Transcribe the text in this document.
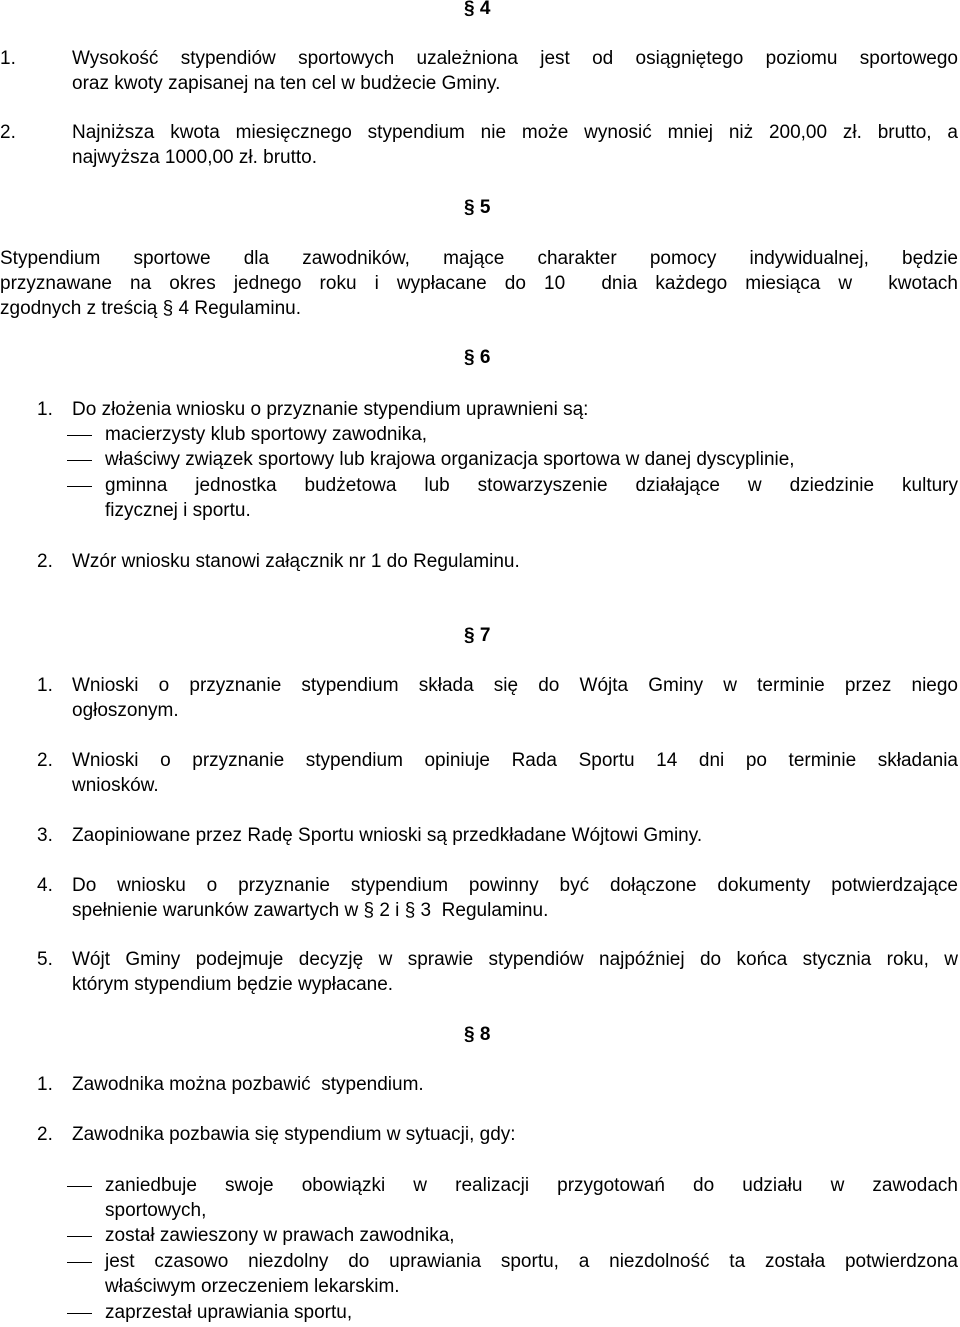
§ 4
1.	Wysokość stypendiów sportowych uzależniona jest od osiągniętego poziomu sportowego
oraz kwoty zapisanej na ten cel w budżecie Gminy.
2.	Najniższa kwota miesięcznego stypendium nie może wynosić mniej niż 200,00 zł. brutto, a
najwyższa 1000,00 zł. brutto.
§ 5
Stypendium sportowe dla zawodników, mające charakter pomocy indywidualnej, będzie
przyznawane na okres jednego roku i wypłacane do 10  dnia każdego miesiąca w  kwotach
zgodnych z treścią § 4 Regulaminu.
§ 6
1. Do złożenia wniosku o przyznanie stypendium uprawnieni są:
macierzysty klub sportowy zawodnika,
właściwy związek sportowy lub krajowa organizacja sportowa w danej dyscyplinie,
gminna jednostka budżetowa lub stowarzyszenie działające w dziedzinie kultury
fizycznej i sportu.
2. Wzór wniosku stanowi załącznik nr 1 do Regulaminu.
§ 7
1. Wnioski o przyznanie stypendium składa się do Wójta Gminy w terminie przez niego
ogłoszonym.
2. Wnioski o przyznanie stypendium opiniuje Rada Sportu 14 dni po terminie składania
wniosków.
3. Zaopiniowane przez Radę Sportu wnioski są przedkładane Wójtowi Gminy.
4. Do wniosku o przyznanie stypendium powinny być dołączone dokumenty potwierdzające
spełnienie warunków zawartych w § 2 i § 3  Regulaminu.
5. Wójt Gminy podejmuje decyzję w sprawie stypendiów najpóźniej do końca stycznia roku, w
którym stypendium będzie wypłacane.
§ 8
1. Zawodnika można pozbawić  stypendium.
2. Zawodnika pozbawia się stypendium w sytuacji, gdy:
zaniedbuje swoje obowiązki w realizacji przygotowań do udziału w zawodach
sportowych,
został zawieszony w prawach zawodnika,
jest czasowo niezdolny do uprawiania sportu, a niezdolność ta została potwierdzona
właściwym orzeczeniem lekarskim.
zaprzestał uprawiania sportu,
